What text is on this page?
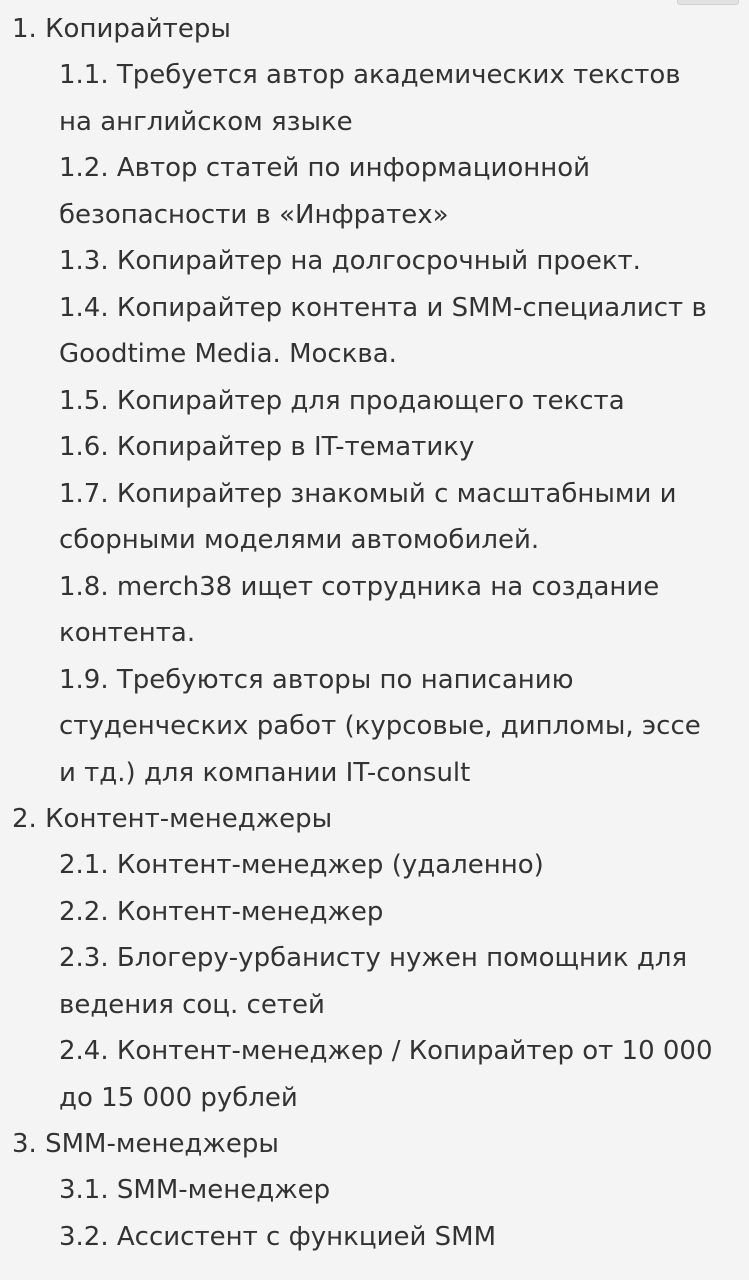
1. Копирайтеры
1.1. Требуется автор академических текстов на английском языке
1.2. Автор статей по информационной безопасности в «Инфратех»
1.3. Копирайтер на долгосрочный проект.
1.4. Копирайтер контента и SMM-специалист в Goodtime Media. Москва.
1.5. Копирайтер для продающего текста
1.6. Копирайтер в IT-тематику
1.7. Копирайтер знакомый с масштабными и сборными моделями автомобилей.
1.8. merch38 ищет сотрудника на создание контента.
1.9. Требуются авторы по написанию студенческих работ (курсовые, дипломы, эссе и тд.) для компании IT-consult
2. Контент-менеджеры
2.1. Контент-менеджер (удаленно)
2.2. Контент-менеджер
2.3. Блогеру-урбанисту нужен помощник для ведения соц. сетей
2.4. Контент-менеджер / Копирайтер от 10 000 до 15 000 рублей
3. SMM-менеджеры
3.1. SMM-менеджер
3.2. Ассистент с функцией SMM
